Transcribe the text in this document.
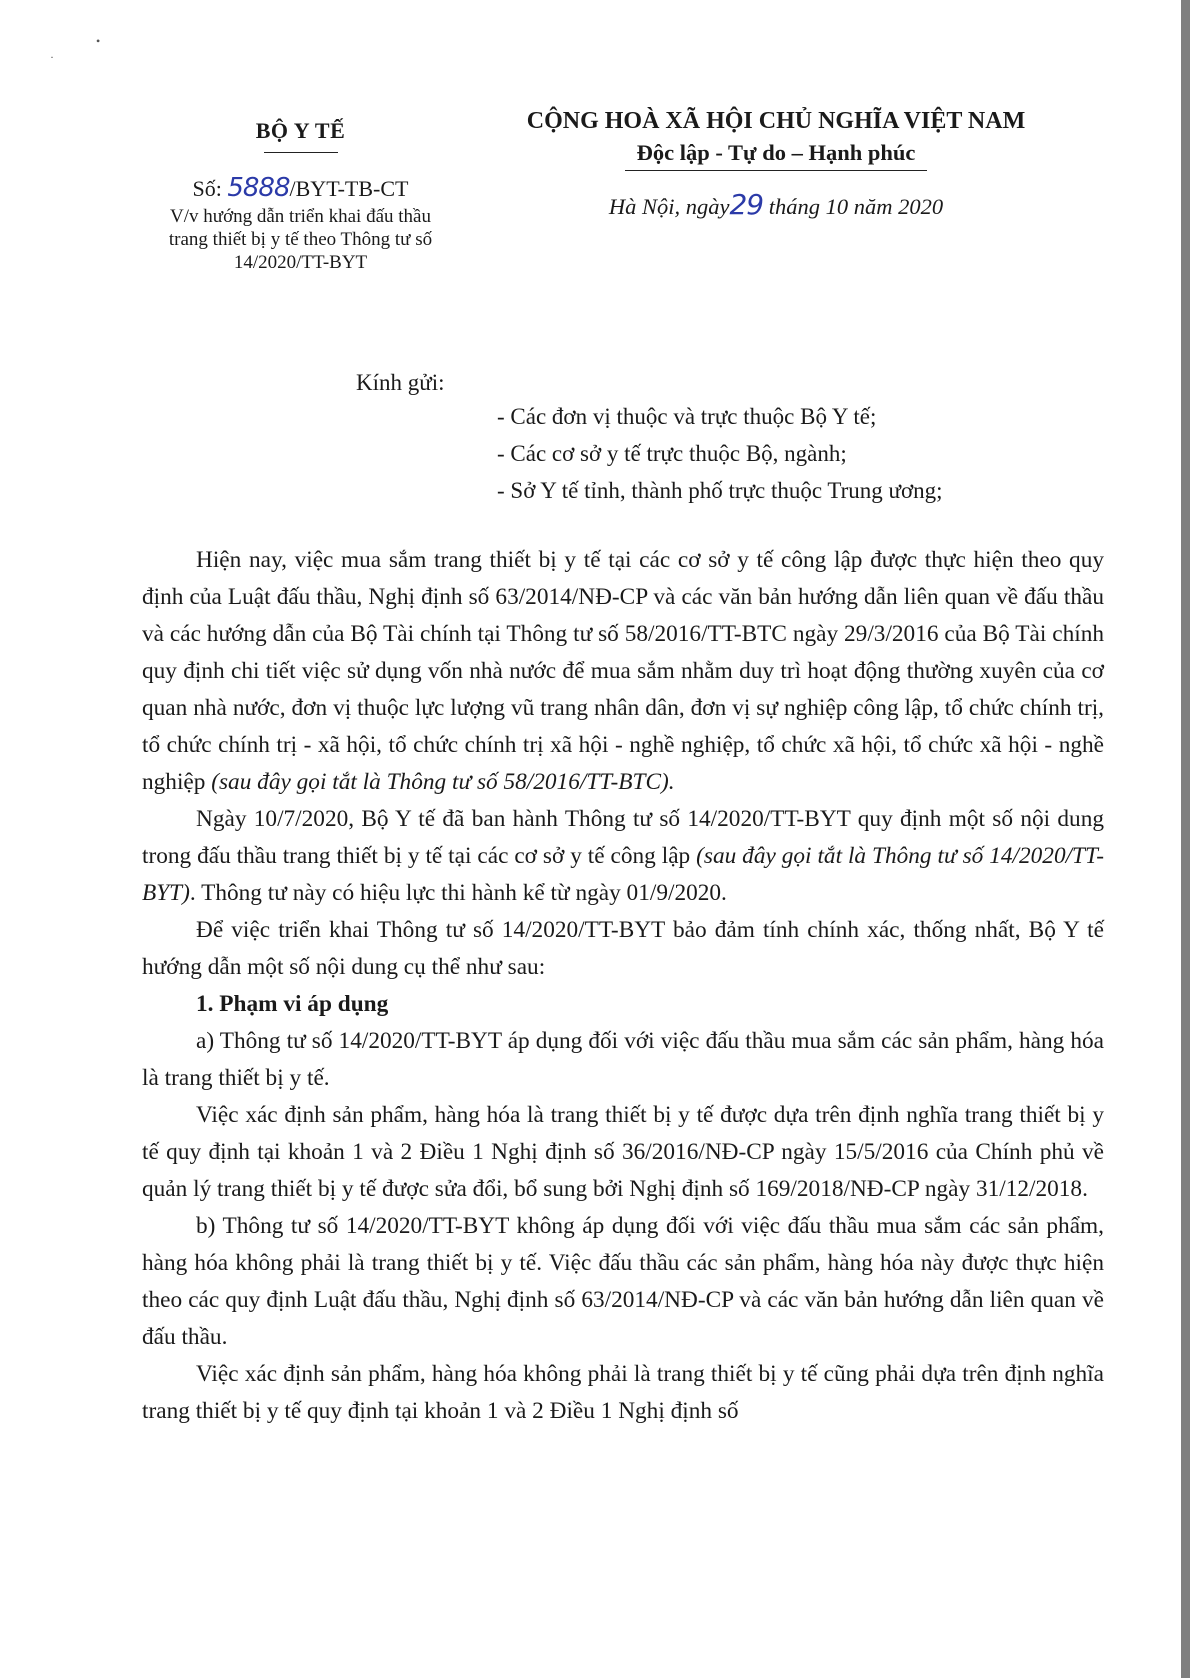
·
•
BỘ Y TẾ
Số: 5888/BYT-TB-CT
V/v hướng dẫn triển khai đấu thầu
trang thiết bị y tế theo Thông tư số
14/2020/TT-BYT
CỘNG HOÀ XÃ HỘI CHỦ NGHĨA VIỆT NAM
Độc lập - Tự do – Hạnh phúc
Hà Nội, ngày29 tháng 10 năm 2020
Kính gửi:
- Các đơn vị thuộc và trực thuộc Bộ Y tế;
- Các cơ sở y tế trực thuộc Bộ, ngành;
- Sở Y tế tỉnh, thành phố trực thuộc Trung ương;

Hiện nay, việc mua sắm trang thiết bị y tế tại các cơ sở y tế công lập được thực hiện theo quy định của Luật đấu thầu, Nghị định số 63/2014/NĐ-CP và các văn bản hướng dẫn liên quan về đấu thầu và các hướng dẫn của Bộ Tài chính tại Thông tư số 58/2016/TT-BTC ngày 29/3/2016 của Bộ Tài chính quy định chi tiết việc sử dụng vốn nhà nước để mua sắm nhằm duy trì hoạt động thường xuyên của cơ quan nhà nước, đơn vị thuộc lực lượng vũ trang nhân dân, đơn vị sự nghiệp công lập, tổ chức chính trị, tổ chức chính trị - xã hội, tổ chức chính trị xã hội - nghề nghiệp, tổ chức xã hội, tổ chức xã hội - nghề nghiệp (sau đây gọi tắt là Thông tư số 58/2016/TT-BTC).

Ngày 10/7/2020, Bộ Y tế đã ban hành Thông tư số 14/2020/TT-BYT quy định một số nội dung trong đấu thầu trang thiết bị y tế tại các cơ sở y tế công lập (sau đây gọi tắt là Thông tư số 14/2020/TT-BYT). Thông tư này có hiệu lực thi hành kể từ ngày 01/9/2020.

Để việc triển khai Thông tư số 14/2020/TT-BYT bảo đảm tính chính xác, thống nhất, Bộ Y tế hướng dẫn một số nội dung cụ thể như sau:

1. Phạm vi áp dụng

a) Thông tư số 14/2020/TT-BYT áp dụng đối với việc đấu thầu mua sắm các sản phẩm, hàng hóa là trang thiết bị y tế.

Việc xác định sản phẩm, hàng hóa là trang thiết bị y tế được dựa trên định nghĩa trang thiết bị y tế quy định tại khoản 1 và 2 Điều 1 Nghị định số 36/2016/NĐ-CP ngày 15/5/2016 của Chính phủ về quản lý trang thiết bị y tế được sửa đổi, bổ sung bởi Nghị định số 169/2018/NĐ-CP ngày 31/12/2018.

b) Thông tư số 14/2020/TT-BYT không áp dụng đối với việc đấu thầu mua sắm các sản phẩm, hàng hóa không phải là trang thiết bị y tế. Việc đấu thầu các sản phẩm, hàng hóa này được thực hiện theo các quy định Luật đấu thầu, Nghị định số 63/2014/NĐ-CP và các văn bản hướng dẫn liên quan về đấu thầu.

Việc xác định sản phẩm, hàng hóa không phải là trang thiết bị y tế cũng phải dựa trên định nghĩa trang thiết bị y tế quy định tại khoản 1 và 2 Điều 1 Nghị định số
